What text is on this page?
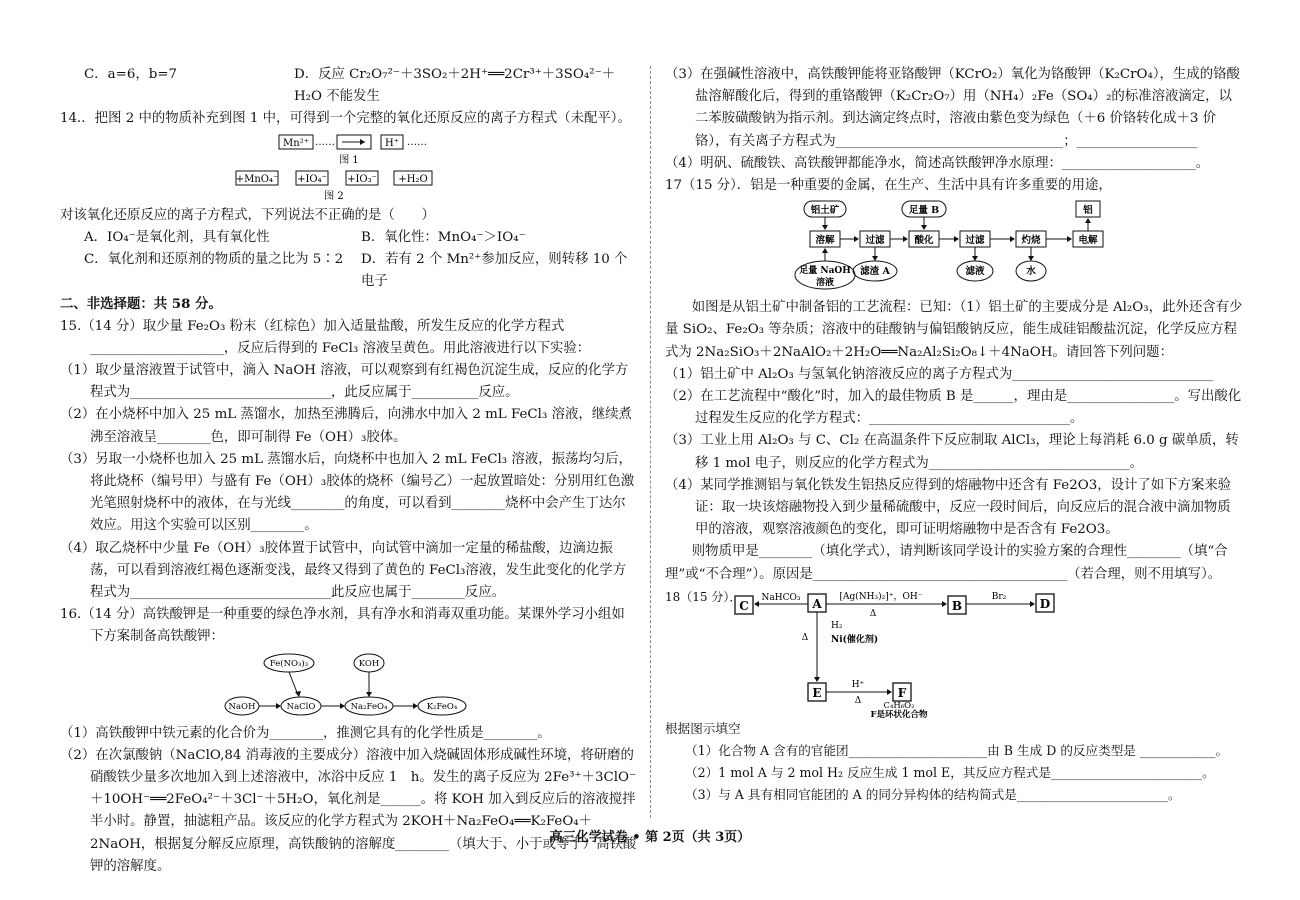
C．a=6，b=7	D．反应 Cr₂O₇²⁻＋3SO₂＋2H⁺══2Cr³⁺＋3SO₄²⁻＋H₂O 不能发生

14.．把图 2 中的物质补充到图 1 中，可得到一个完整的氧化还原反应的离子方程式（未配平）。

Mn²⁺ ……	H⁺ ……
图 1
+MnO₄⁻ +IO₄⁻ +IO₃⁻ +H₂O
图 2

对该氧化还原反应的离子方程式，下列说法不正确的是（　　）

A．IO₄⁻是氧化剂，具有氧化性	B．氧化性：MnO₄⁻＞IO₄⁻
C．氧化剂和还原剂的物质的量之比为 5∶2	D．若有 2 个 Mn²⁺参加反应，则转移 10 个电子

二、非选择题：共 58 分。

15.（14 分）取少量 Fe₂O₃ 粉末（红棕色）加入适量盐酸，所发生反应的化学方程式

____________________，反应后得到的 FeCl₃ 溶液呈黄色。用此溶液进行以下实验：

（1）取少量溶液置于试管中，滴入 NaOH 溶液，可以观察到有红褐色沉淀生成，反应的化学方程式为______________________________，此反应属于__________反应。

（2）在小烧杯中加入 25 mL 蒸馏水，加热至沸腾后，向沸水中加入 2 mL FeCl₃ 溶液，继续煮沸至溶液呈________色，即可制得 Fe（OH）₃胶体。

（3）另取一小烧杯也加入 25 mL 蒸馏水后，向烧杯中也加入 2 mL FeCl₃ 溶液，振荡均匀后，将此烧杯（编号甲）与盛有 Fe（OH）₃胶体的烧杯（编号乙）一起放置暗处：分别用红色激光笔照射烧杯中的液体，在与光线________的角度，可以看到________烧杯中会产生丁达尔效应。用这个实验可以区别________。

（4）取乙烧杯中少量 Fe（OH）₃胶体置于试管中，向试管中滴加一定量的稀盐酸，边滴边振荡，可以看到溶液红褐色逐渐变浅，最终又得到了黄色的 FeCl₃溶液，发生此变化的化学方程式为______________________________此反应也属于________反应。

16.（14 分）高铁酸钾是一种重要的绿色净水剂，具有净水和消毒双重功能。某课外学习小组如下方案制备高铁酸钾：

Fe(NO₃)₃	KOH
NaOH	NaClO	Na₂FeO₄	K₂FeO₄

（1）高铁酸钾中铁元素的化合价为________，推测它具有的化学性质是________。

（2）在次氯酸钠（NaClO,84 消毒液的主要成分）溶液中加入烧碱固体形成碱性环境，将研磨的硝酸铁少量多次地加入到上述溶液中，冰浴中反应 1　h。发生的离子反应为 2Fe³⁺＋3ClO⁻＋10OH⁻══2FeO₄²⁻＋3Cl⁻＋5H₂O，氧化剂是______。将 KOH 加入到反应后的溶液搅拌半小时。静置，抽滤粗产品。该反应的化学方程式为 2KOH＋Na₂FeO₄══K₂FeO₄＋2NaOH，根据复分解反应原理，高铁酸钠的溶解度________（填大于、小于或等于）高铁酸钾的溶解度。

（3）在强碱性溶液中，高铁酸钾能将亚铬酸钾（KCrO₂）氧化为铬酸钾（K₂CrO₄），生成的铬酸盐溶解酸化后，得到的重铬酸钾（K₂Cr₂O₇）用（NH₄）₂Fe（SO₄）₂的标准溶液滴定，以二苯胺磺酸钠为指示剂。到达滴定终点时，溶液由紫色变为绿色（＋6 价铬转化成＋3 价铬），有关离子方程式为__________________________________；__________________

（4）明矾、硫酸铁、高铁酸钾都能净水，简述高铁酸钾净水原理：____________________。

17（15 分）．铝是一种重要的金属，在生产、生活中具有许多重要的用途，

铝土矿	足量 B	铝
溶解	过滤	酸化	过滤	灼烧	电解
足量 NaOH
溶液
滤渣 A	滤液	水

如图是从铝土矿中制备铝的工艺流程：已知：（1）铝土矿的主要成分是 Al₂O₃，此外还含有少量 SiO₂、Fe₂O₃ 等杂质；溶液中的硅酸钠与偏铝酸钠反应，能生成硅铝酸盐沉淀，化学反应方程式为 2Na₂SiO₃＋2NaAlO₂＋2H₂O══Na₂Al₂Si₂O₈↓＋4NaOH。请回答下列问题：

（1）铝土矿中 Al₂O₃ 与氢氧化钠溶液反应的离子方程式为______________________________

（2）在工艺流程中“酸化”时，加入的最佳物质 B 是______，理由是________________。写出酸化过程发生反应的化学方程式：______________________________。

（3）工业上用 Al₂O₃ 与 C、Cl₂ 在高温条件下反应制取 AlCl₃，理论上每消耗 6.0 g 碳单质，转移 1 mol 电子，则反应的化学方程式为______________________________。

（4）某同学推测铝与氧化铁发生铝热反应得到的熔融物中还含有 Fe2O3，设计了如下方案来验证：取一块该熔融物投入到少量稀硫酸中，反应一段时间后，向反应后的混合液中滴加物质甲的溶液，观察溶液颜色的变化，即可证明熔融物中是否含有 Fe2O3。

则物质甲是________（填化学式），请判断该同学设计的实验方案的合理性________（填“合理”或“不合理”）。原因是______________________________________（若合理，则不用填写）。

18（15 分）．
C	A	B	D
E	F
NaHCO₃	[Ag(NH₃)₂]⁺，OH⁻
Δ
Br₂
H₂
Δ	Ni(催化剂)
H⁺
Δ	C₄H₆O₂
F是环状化合物

根据图示填空

（1）化合物 A 含有的官能团______________________由 B 生成 D 的反应类型是 ____________。

（2）1 mol A 与 2 mol H₂ 反应生成 1 mol E，其反应方程式是________________________。

（3）与 A 具有相同官能团的 A 的同分异构体的结构简式是________________________。

高三化学试卷 • 第 2页（共 3页）
